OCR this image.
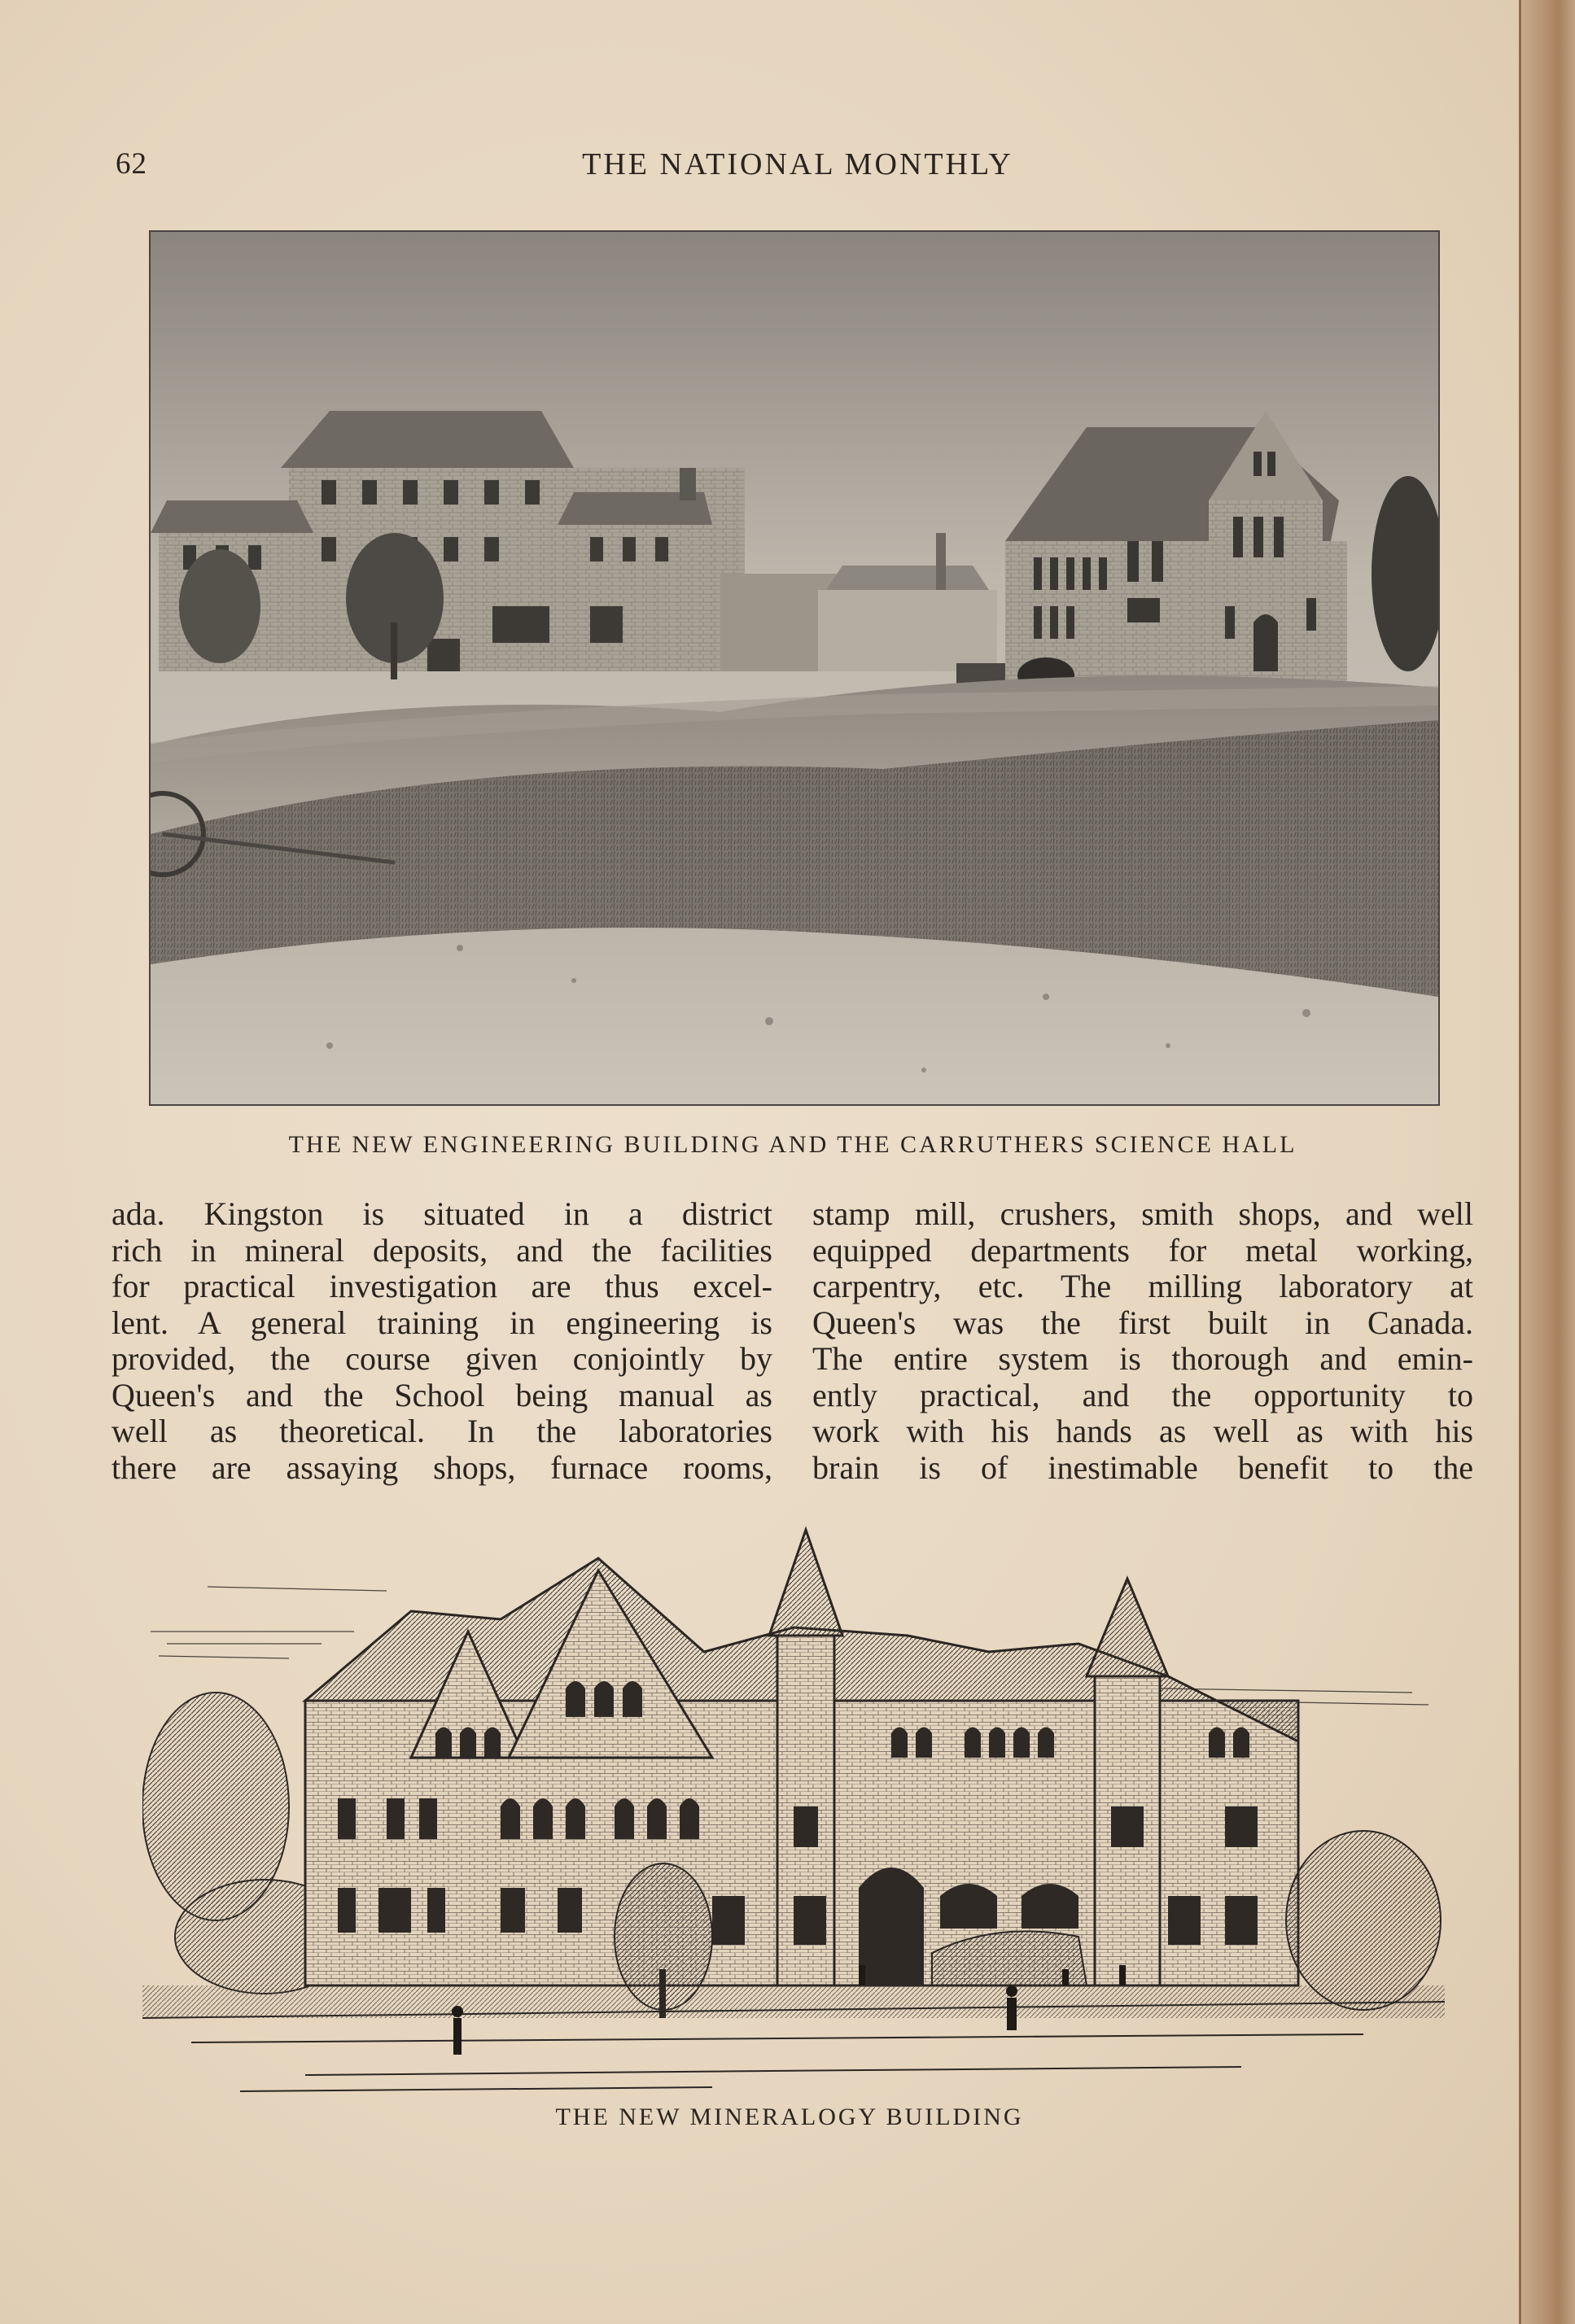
62	THE NATIONAL MONTHLY
THE NEW ENGINEERING BUILDING AND THE CARRUTHERS SCIENCE HALL
ada. Kingston is situated in a district
rich in mineral deposits, and the facilities
for practical investigation are thus excel-
lent. A general training in engineering is
provided, the course given conjointly by
Queen's and the School being manual as
well as theoretical. In the laboratories
there are assaying shops, furnace rooms,
stamp mill, crushers, smith shops, and well
equipped departments for metal working,
carpentry, etc. The milling laboratory at
Queen's was the first built in Canada.
The entire system is thorough and emin-
ently practical, and the opportunity to
work with his hands as well as with his
brain is of inestimable benefit to the
THE NEW MINERALOGY BUILDING
